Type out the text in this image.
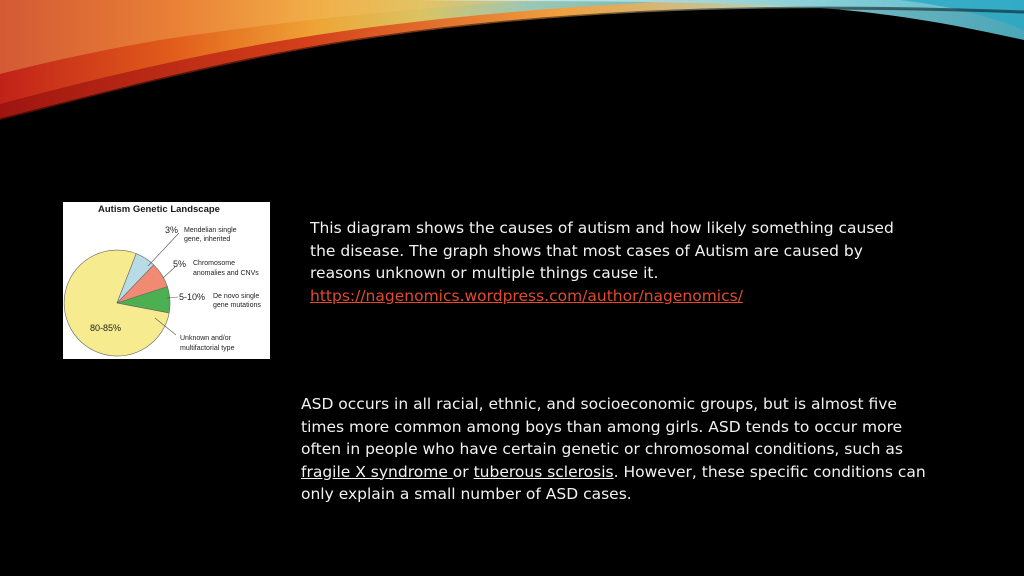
Autism Genetic Landscape
3% Mendelian single
gene, inherited
5% Chromosome
anomalies and CNVs
5-10% De novo single
gene mutations
80-85%
Unknown and/or
multifactorial type

This diagram shows the causes of autism and how likely something caused
the disease. The graph shows that most cases of Autism are caused by
reasons unknown or multiple things cause it.
https://nagenomics.wordpress.com/author/nagenomics/

ASD occurs in all racial, ethnic, and socioeconomic groups, but is almost five
times more common among boys than among girls. ASD tends to occur more
often in people who have certain genetic or chromosomal conditions, such as
fragile X syndrome or tuberous sclerosis. However, these specific conditions can
only explain a small number of ASD cases.
